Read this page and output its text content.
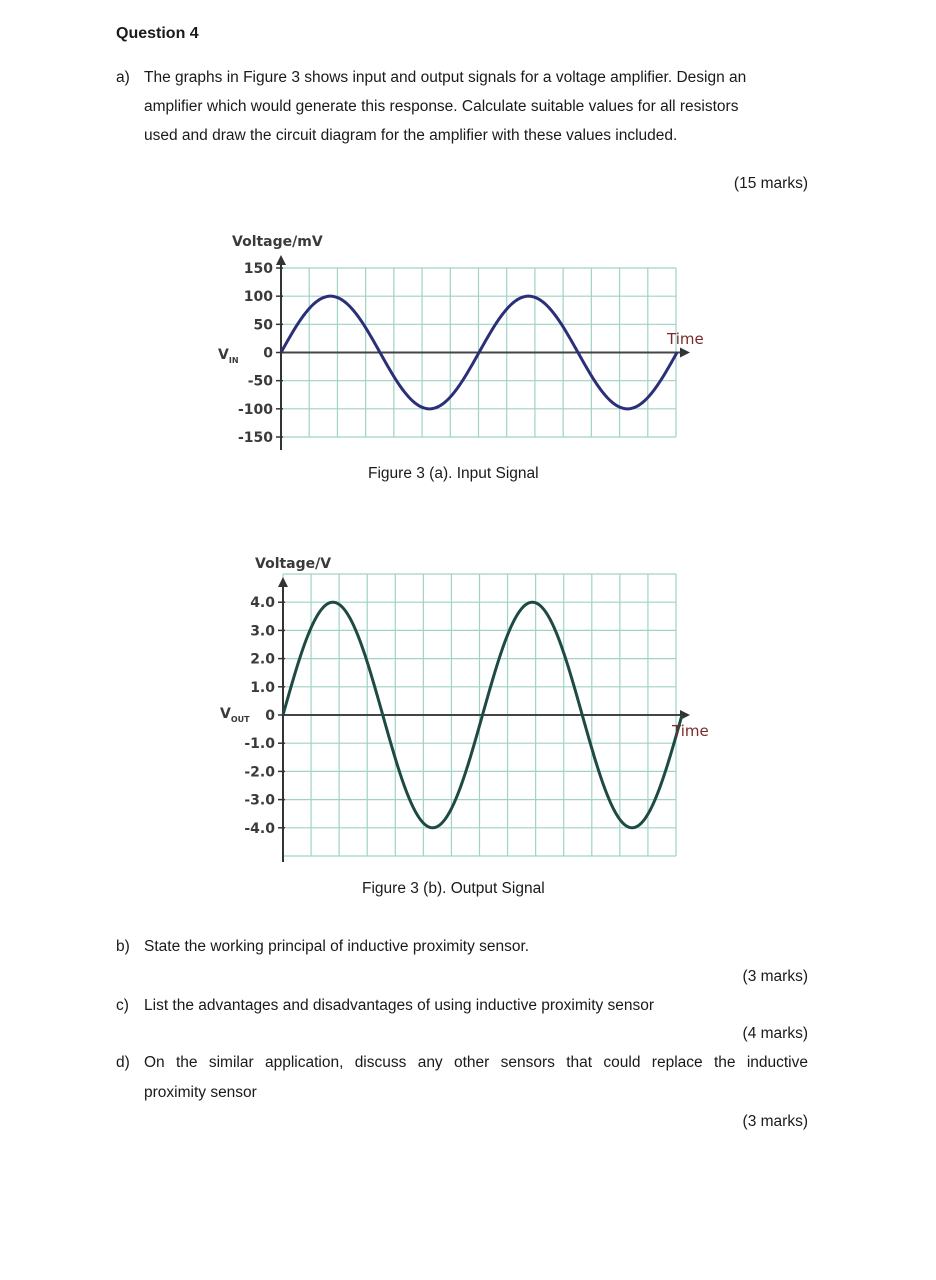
Question 4
a) The graphs in Figure 3 shows input and output signals for a voltage amplifier. Design an
amplifier which would generate this response. Calculate suitable values for all resistors
used and draw the circuit diagram for the amplifier with these values included.
(15 marks)
150
100
50
0
-50
-100
-150
Voltage/mV
Time
$V_{IN}$
4.0
3.0
2.0
1.0
0
-1.0
-2.0
-3.0
-4.0
Voltage/V
Time
$V_{OUT}$
Figure 3 (a). Input Signal
Figure 3 (b). Output Signal
b) State the working principal of inductive proximity sensor.
(3 marks)
c) List the advantages and disadvantages of using inductive proximity sensor
(4 marks)
d) On the similar application, discuss any other sensors that could replace the inductive
proximity sensor
(3 marks)
